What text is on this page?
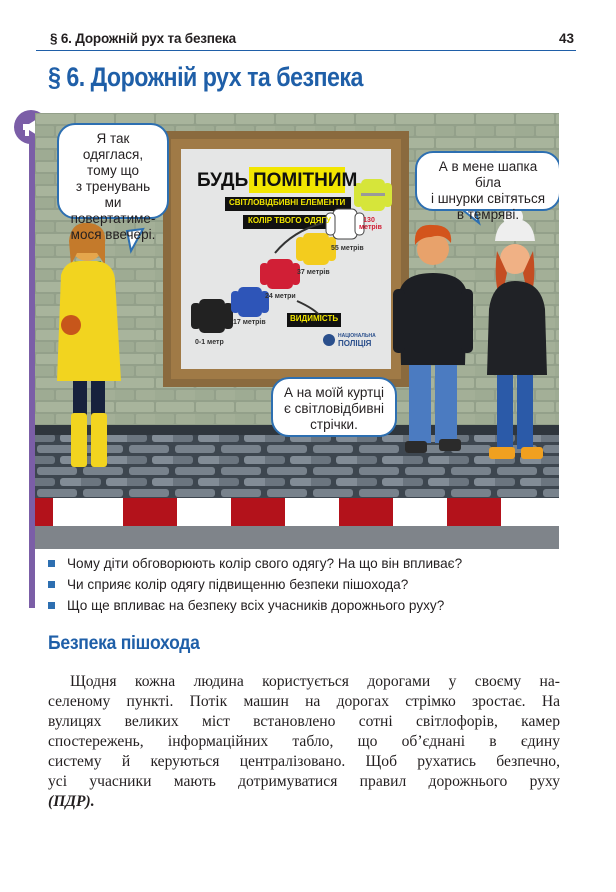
§ 6. Дорожній рух та безпека	43
§ 6. Дорожній рух та безпека
БУДЬ ПОМІТНИМ
СВІТЛОВІДБИВНІ ЕЛЕМЕНТИ
КОЛІР ТВОГО ОДЯГУ
ВИДИМІСТЬ
130 метрів
55 метрів
37 метрів
24 метри
17 метрів
0-1 метр
НАЦІОНАЛЬНА
ПОЛІЦІЯ
Я так одяглася,
тому що
з тренувань ми
повертатиме-
мося ввечері.
А в мене шапка біла
і шнурки світяться
в темряві.
А на моїй куртці
є світловідбивні
стрічки.
Чому діти обговорюють колір свого одягу? На що він впливає?
Чи сприяє колір одягу підвищенню безпеки пішохода?
Що ще впливає на безпеку всіх учасників дорожнього руху?
Безпека пішохода
Щодня кожна людина користується дорогами у своєму на-
селеному пункті. Потік машин на дорогах стрімко зростає. На
вулицях великих міст встановлено сотні світлофорів, камер
спостережень, інформаційних табло, що об’єднані в єдину
систему й керуються централізовано. Щоб рухатись безпечно,
усі учасники мають дотримуватися правил дорожнього руху
(ПДР).
